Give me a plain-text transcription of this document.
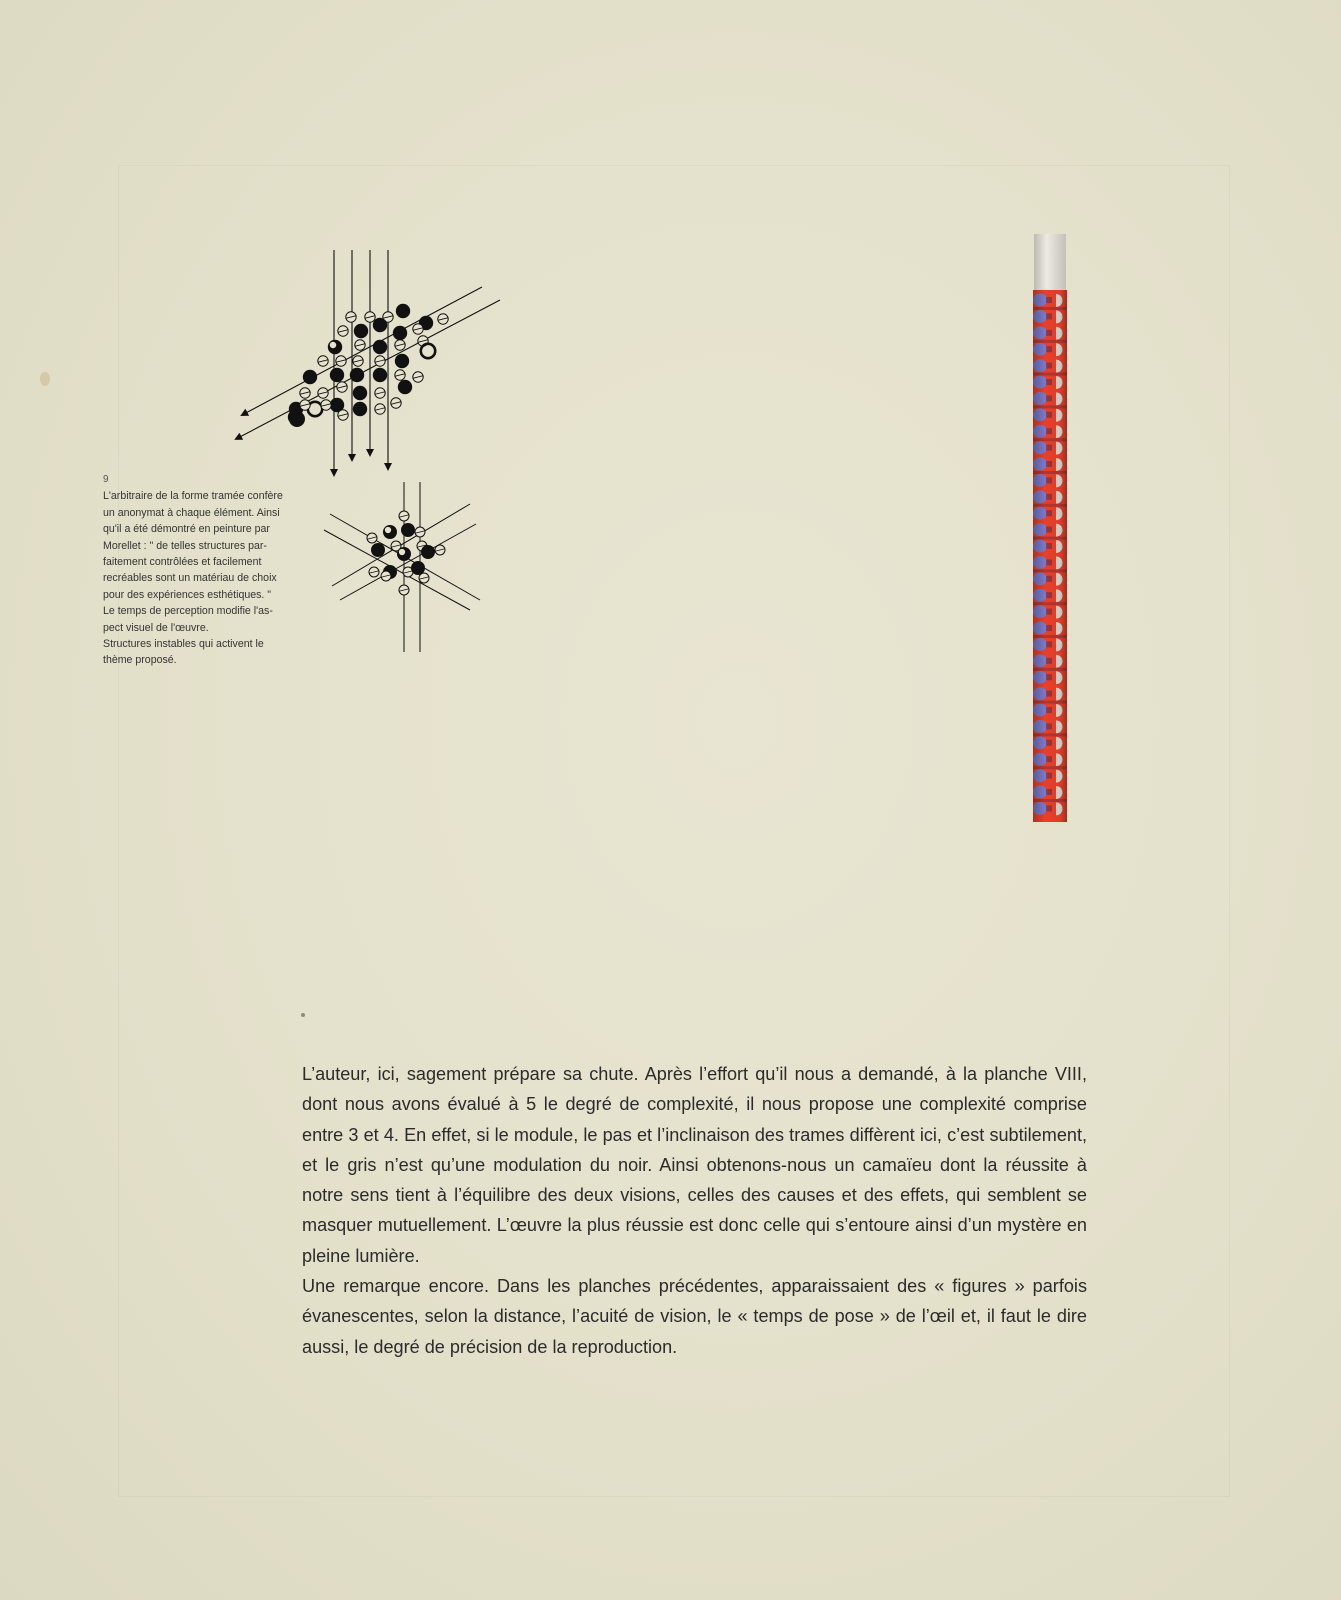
9

L'arbitraire de la forme tramée confère

un anonymat à chaque élément. Ainsi

qu'il a été démontré en peinture par

Morellet : " de telles structures par-

faitement contrôlées et facilement

recréables sont un matériau de choix

pour des expériences esthétiques. "

Le temps de perception modifie l'as-

pect visuel de l'œuvre.

Structures instables qui activent le

thème proposé.

L’auteur, ici, sagement prépare sa chute. Après l’effort qu’il nous a demandé, à la planche VIII, dont nous avons évalué à 5 le degré de complexité, il nous propose une complexité comprise entre 3 et 4. En effet, si le module, le pas et l’inclinaison des trames diffèrent ici, c’est subtilement, et le gris n’est qu’une modulation du noir. Ainsi obtenons-nous un camaïeu dont la réussite à notre sens tient à l’équilibre des deux visions, celles des causes et des effets, qui semblent se masquer mutuellement. L’œuvre la plus réussie est donc celle qui s’entoure ainsi d’un mystère en pleine lumière.

Une remarque encore. Dans les planches précédentes, apparaissaient des « figures » parfois évanescentes, selon la distance, l’acuité de vision, le « temps de pose » de l’œil et, il faut le dire aussi, le degré de précision de la reproduction.
